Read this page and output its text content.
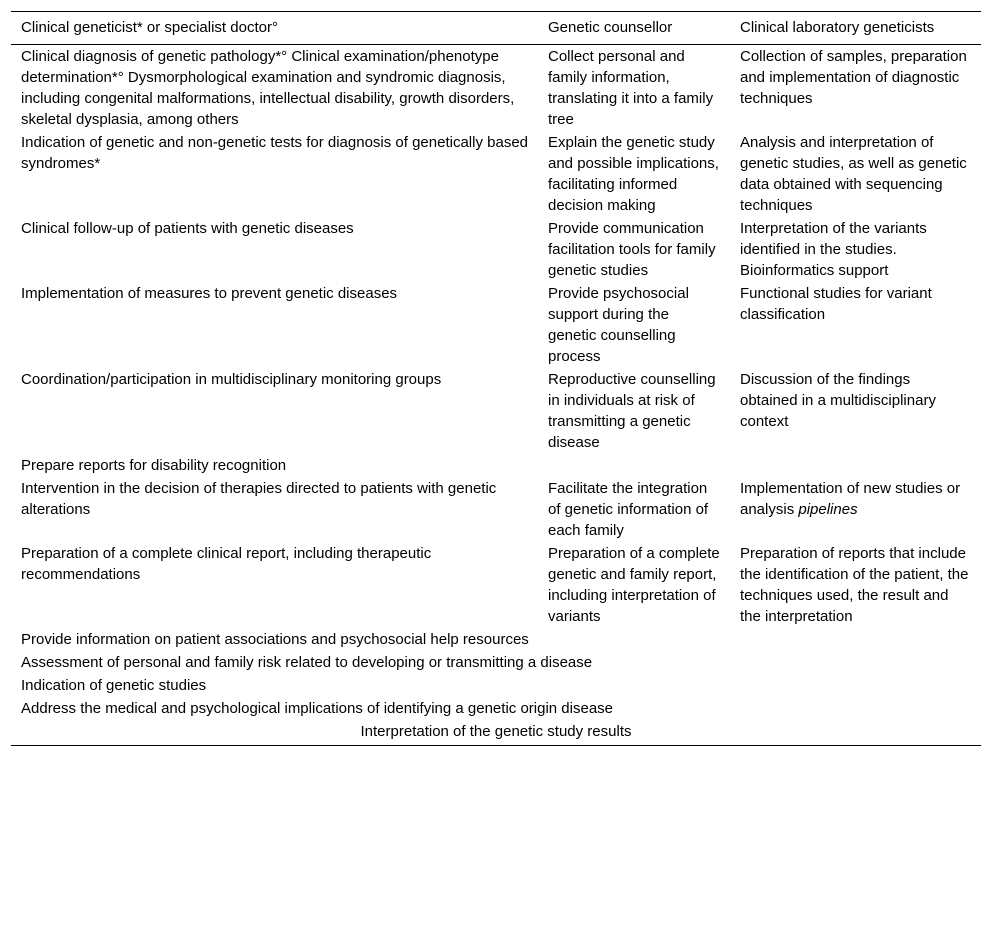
Clinical geneticist* or specialist doctor°	Genetic counsellor	Clinical laboratory geneticists
Clinical diagnosis of genetic pathology*° Clinical examination/phenotype determination*° Dysmorphological examination and syndromic diagnosis, including congenital malformations, intellectual disability, growth disorders, skeletal dysplasia, among others	Collect personal and family information, translating it into a family tree	Collection of samples, preparation and implementation of diagnostic techniques
Indication of genetic and non-genetic tests for diagnosis of genetically based syndromes*	Explain the genetic study and possible implications, facilitating informed decision making	Analysis and interpretation of genetic studies, as well as genetic data obtained with sequencing techniques
Clinical follow-up of patients with genetic diseases	Provide communication facilitation tools for family genetic studies	Interpretation of the variants identified in the studies. Bioinformatics support
Implementation of measures to prevent genetic diseases	Provide psychosocial support during the genetic counselling process	Functional studies for variant classification
Coordination/participation in multidisciplinary monitoring groups	Reproductive counselling in individuals at risk of transmitting a genetic disease	Discussion of the findings obtained in a multidisciplinary context
Prepare reports for disability recognition		
Intervention in the decision of therapies directed to patients with genetic alterations	Facilitate the integration of genetic information of each family	Implementation of new studies or analysis pipelines
Preparation of a complete clinical report, including therapeutic recommendations	Preparation of a complete genetic and family report, including interpretation of variants	Preparation of reports that include the identification of the patient, the techniques used, the result and the interpretation
Provide information on patient associations and psychosocial help resources		
Assessment of personal and family risk related to developing or transmitting a disease		
Indication of genetic studies		
Address the medical and psychological implications of identifying a genetic origin disease		
Interpretation of the genetic study results		
